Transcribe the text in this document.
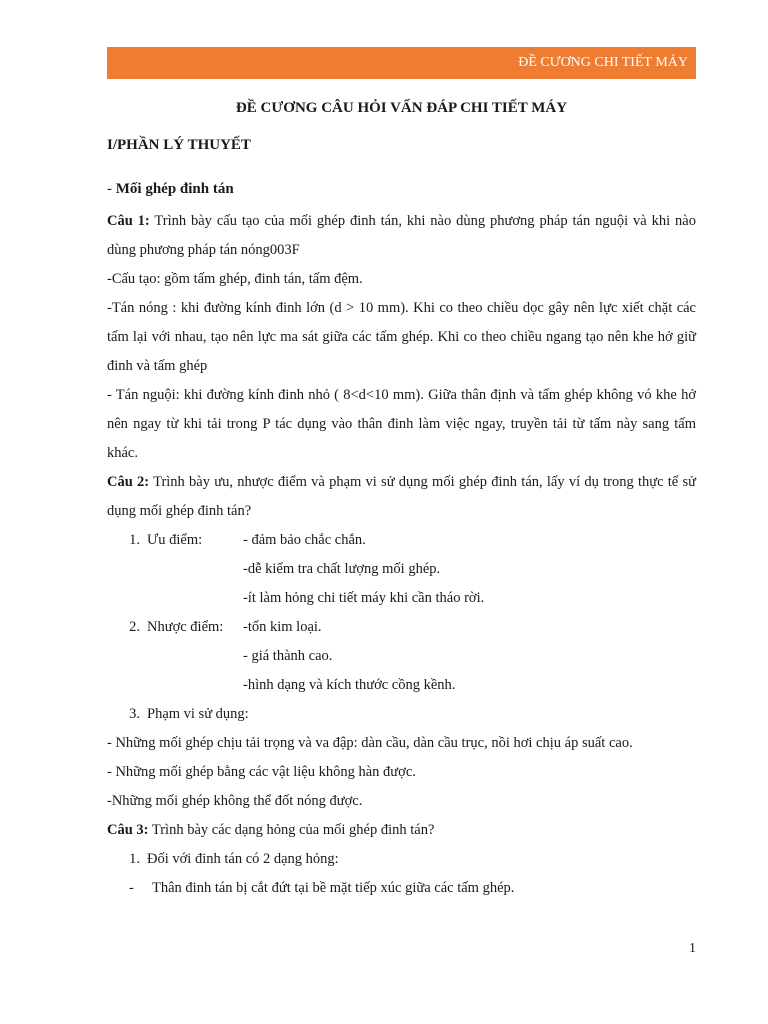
ĐỀ CƯƠNG CHI TIẾT MÁY

ĐỀ CƯƠNG CÂU HỎI VẤN ĐÁP CHI TIẾT MÁY

I/PHẦN LÝ THUYẾT

- Mối ghép đinh tán

Câu 1: Trình bày cấu tạo của mối ghép đinh tán, khi nào dùng phương pháp tán nguội và khi nào dùng phương pháp tán nóng003F

-Cấu tạo: gồm tấm ghép, đinh tán, tấm đệm.

-Tán nóng : khi đường kính đinh lớn (d > 10 mm). Khi co theo chiều dọc gây nên lực xiết chặt các tấm lại với nhau, tạo nên lực ma sát giữa các tấm ghép. Khi co theo chiều ngang tạo nên khe hở giữ đinh và tấm ghép

- Tán nguội: khi đường kính đinh nhỏ ( 8<d<10 mm). Giữa thân định và tấm ghép không vó khe hở nên ngay từ khi tải trong P tác dụng vào thân đinh làm việc ngay, truyền tải từ tấm này sang tấm khác.

Câu 2: Trình bày ưu, nhược điểm và phạm vi sử dụng mối ghép đinh tán, lấy ví dụ trong thực tế sử dụng mối ghép đinh tán?

1. Ưu điểm:	- đảm bảo chắc chắn.
-dễ kiểm tra chất lượng mối ghép.
-ít làm hỏng chi tiết máy khi cần tháo rời.
2. Nhược điểm:	-tốn kim loại.
- giá thành cao.
-hình dạng và kích thước cồng kềnh.
3. Phạm vi sử dụng:

- Những mối ghép chịu tải trọng và va đập: dàn cầu, dàn cầu trục, nồi hơi chịu áp suất cao.

- Những mối ghép bằng các vật liệu không hàn được.

-Những mối ghép không thể đốt nóng được.

Câu 3: Trình bày các dạng hỏng của mối ghép đinh tán?

1. Đối với đinh tán có 2 dạng hỏng:
-	Thân đinh tán bị cắt đứt tại bề mặt tiếp xúc giữa các tấm ghép.
1
